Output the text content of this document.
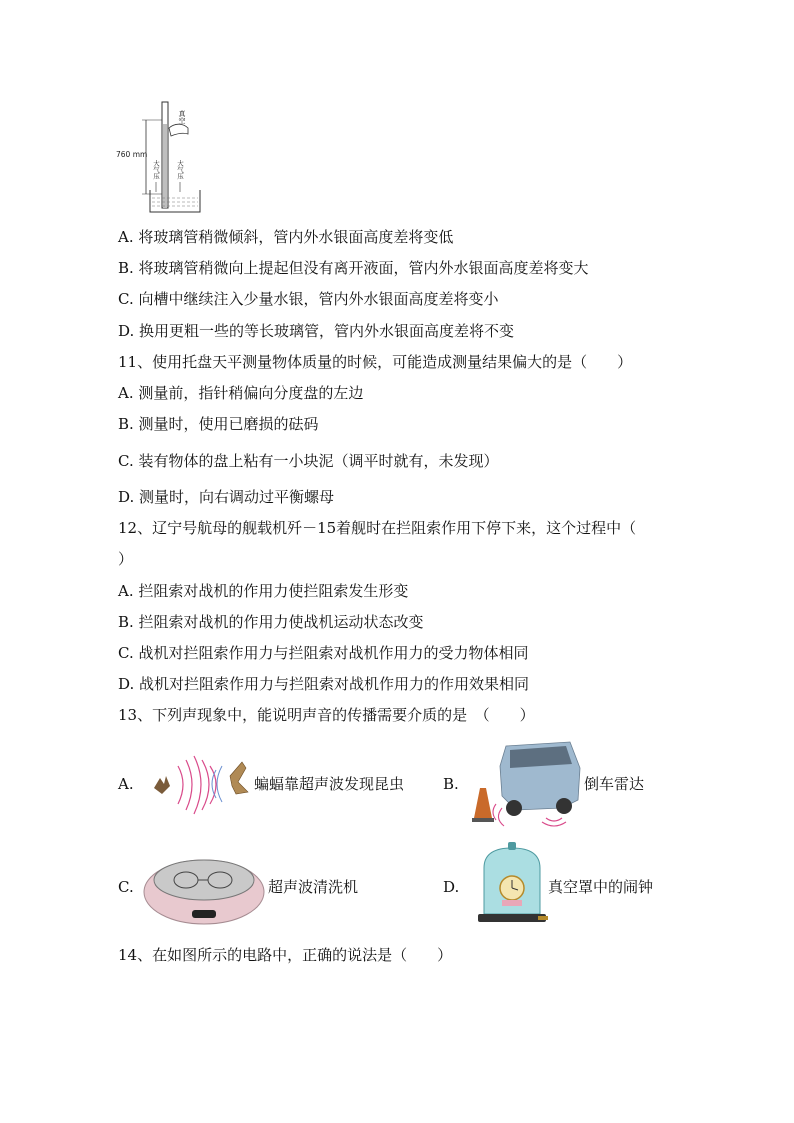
真空
大气压 大气压
760 mm
A. 将玻璃管稍微倾斜，管内外水银面高度差将变低
B. 将玻璃管稍微向上提起但没有离开液面，管内外水银面高度差将变大
C. 向槽中继续注入少量水银，管内外水银面高度差将变小
D. 换用更粗一些的等长玻璃管，管内外水银面高度差将不变
11、使用托盘天平测量物体质量的时候，可能造成测量结果偏大的是（　　）
A. 测量前，指针稍偏向分度盘的左边
B. 测量时，使用已磨损的砝码
C. 装有物体的盘上粘有一小块泥（调平时就有，未发现）
D. 测量时，向右调动过平衡螺母
12、辽宁号航母的舰载机歼－15着舰时在拦阻索作用下停下来，这个过程中（
）
A. 拦阻索对战机的作用力使拦阻索发生形变
B. 拦阻索对战机的作用力使战机运动状态改变
C. 战机对拦阻索作用力与拦阻索对战机作用力的受力物体相同
D. 战机对拦阻索作用力与拦阻索对战机作用力的作用效果相同
13、下列声现象中，能说明声音的传播需要介质的是　（　　）
A.	蝙蝠靠超声波发现昆虫	B.	倒车雷达
C.	超声波清洗机	D.	真空罩中的闹钟
14、在如图所示的电路中，正确的说法是（　　）
